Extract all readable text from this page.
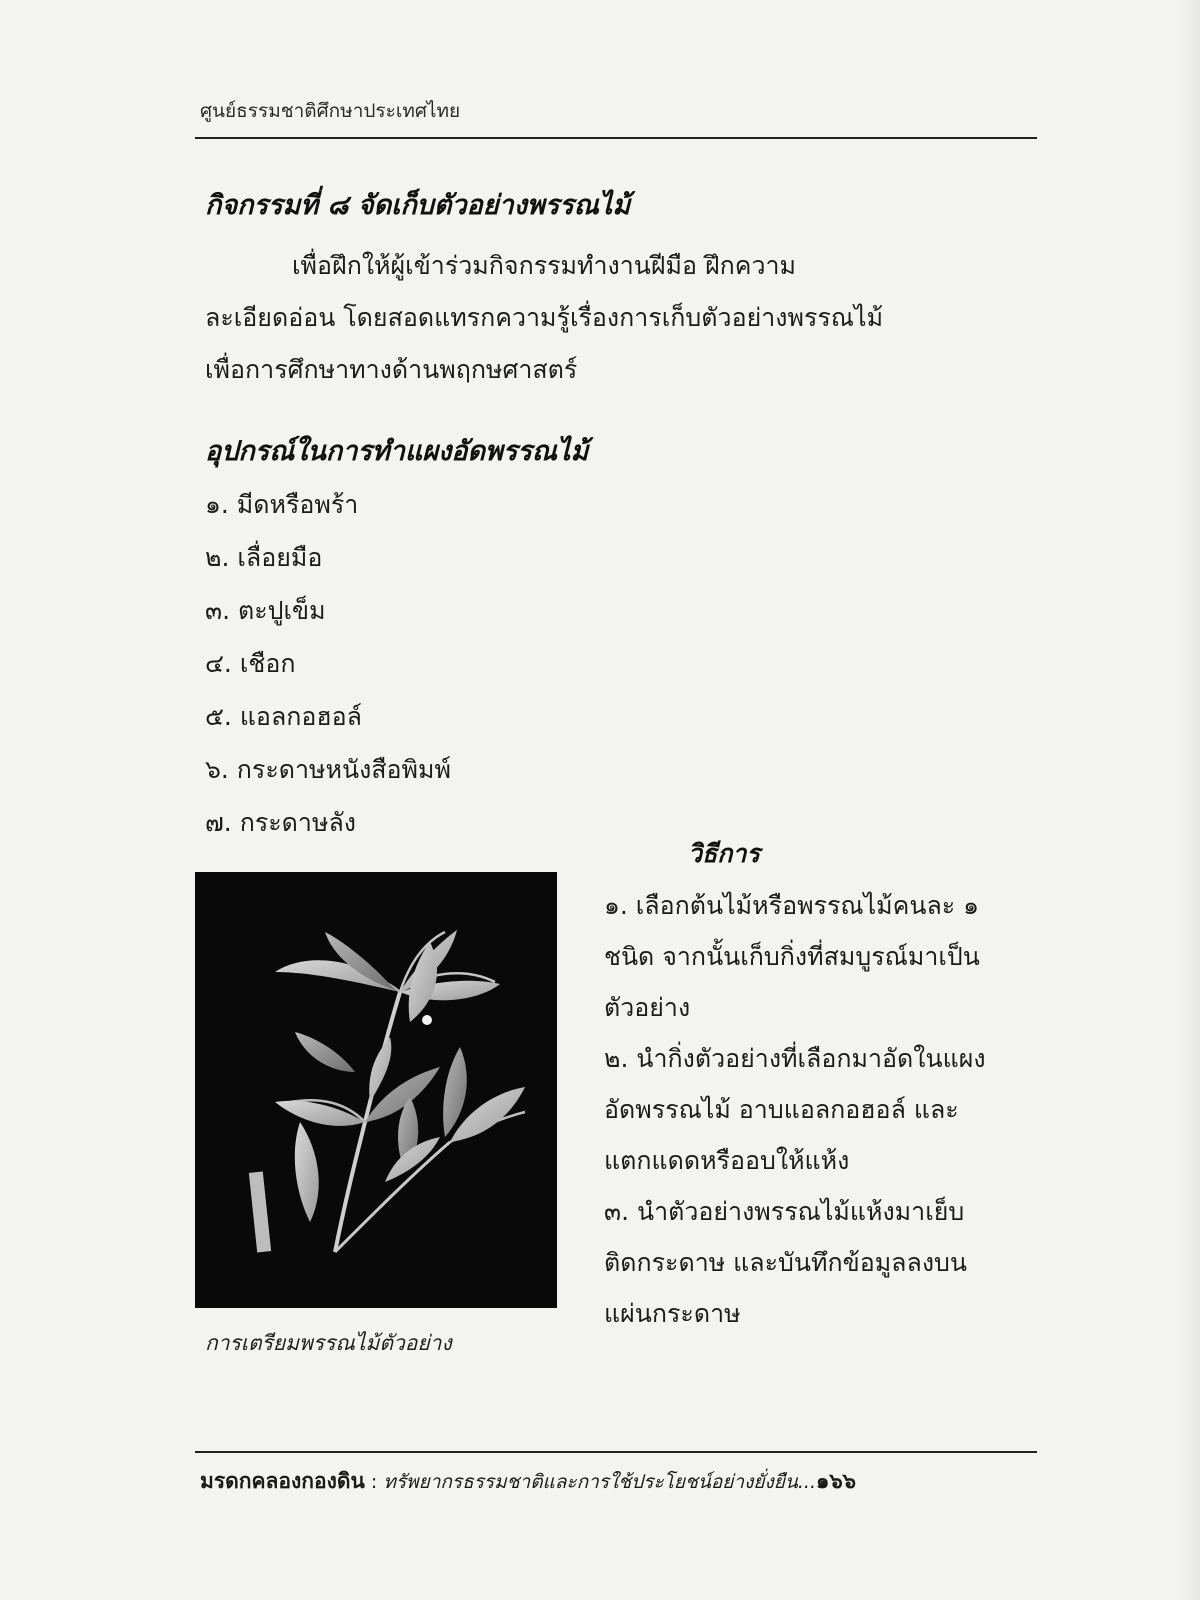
ศูนย์ธรรมชาติศึกษาประเทศไทย
กิจกรรมที่ ๘ จัดเก็บตัวอย่างพรรณไม้
เพื่อฝึกให้ผู้เข้าร่วมกิจกรรมทำงานฝีมือ ฝึกความ
ละเอียดอ่อน โดยสอดแทรกความรู้เรื่องการเก็บตัวอย่างพรรณไม้
เพื่อการศึกษาทางด้านพฤกษศาสตร์
อุปกรณ์ในการทำแผงอัดพรรณไม้
๑. มีดหรือพร้า
๒. เลื่อยมือ
๓. ตะปูเข็ม
๔. เชือก
๕. แอลกอฮอล์
๖. กระดาษหนังสือพิมพ์
๗. กระดาษลัง
การเตรียมพรรณไม้ตัวอย่าง
วิธีการ
๑. เลือกต้นไม้หรือพรรณไม้คนละ ๑
ชนิด จากนั้นเก็บกิ่งที่สมบูรณ์มาเป็น
ตัวอย่าง
๒. นำกิ่งตัวอย่างที่เลือกมาอัดในแผง
อัดพรรณไม้ อาบแอลกอฮอล์ และ
แตกแดดหรืออบให้แห้ง
๓. นำตัวอย่างพรรณไม้แห้งมาเย็บ
ติดกระดาษ และบันทึกข้อมูลลงบน
แผ่นกระดาษ
มรดกคลองกองดิน : ทรัพยากรธรรมชาติและการใช้ประโยชน์อย่างยั่งยืน...๑๖๖
